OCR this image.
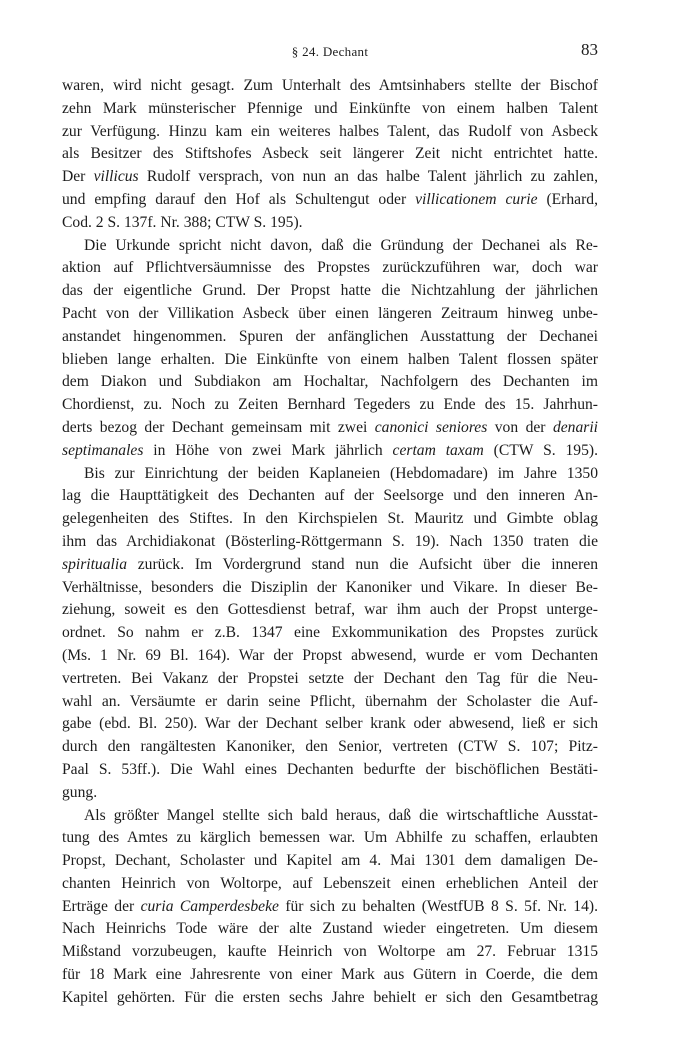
§ 24. Dechant	83
waren, wird nicht gesagt. Zum Unterhalt des Amtsinhabers stellte der Bischof
zehn Mark münsterischer Pfennige und Einkünfte von einem halben Talent
zur Verfügung. Hinzu kam ein weiteres halbes Talent, das Rudolf von Asbeck
als Besitzer des Stiftshofes Asbeck seit längerer Zeit nicht entrichtet hatte.
Der villicus Rudolf versprach, von nun an das halbe Talent jährlich zu zahlen,
und empfing darauf den Hof als Schultengut oder villicationem curie (Erhard,
Cod. 2 S. 137f. Nr. 388; CTW S. 195).
Die Urkunde spricht nicht davon, daß die Gründung der Dechanei als Re-
aktion auf Pflichtversäumnisse des Propstes zurückzuführen war, doch war
das der eigentliche Grund. Der Propst hatte die Nichtzahlung der jährlichen
Pacht von der Villikation Asbeck über einen längeren Zeitraum hinweg unbe-
anstandet hingenommen. Spuren der anfänglichen Ausstattung der Dechanei
blieben lange erhalten. Die Einkünfte von einem halben Talent flossen später
dem Diakon und Subdiakon am Hochaltar, Nachfolgern des Dechanten im
Chordienst, zu. Noch zu Zeiten Bernhard Tegeders zu Ende des 15. Jahrhun-
derts bezog der Dechant gemeinsam mit zwei canonici seniores von der denarii
septimanales in Höhe von zwei Mark jährlich certam taxam (CTW S. 195).
Bis zur Einrichtung der beiden Kaplaneien (Hebdomadare) im Jahre 1350
lag die Haupttätigkeit des Dechanten auf der Seelsorge und den inneren An-
gelegenheiten des Stiftes. In den Kirchspielen St. Mauritz und Gimbte oblag
ihm das Archidiakonat (Bösterling-Röttgermann S. 19). Nach 1350 traten die
spiritualia zurück. Im Vordergrund stand nun die Aufsicht über die inneren
Verhältnisse, besonders die Disziplin der Kanoniker und Vikare. In dieser Be-
ziehung, soweit es den Gottesdienst betraf, war ihm auch der Propst unterge-
ordnet. So nahm er z.B. 1347 eine Exkommunikation des Propstes zurück
(Ms. 1 Nr. 69 Bl. 164). War der Propst abwesend, wurde er vom Dechanten
vertreten. Bei Vakanz der Propstei setzte der Dechant den Tag für die Neu-
wahl an. Versäumte er darin seine Pflicht, übernahm der Scholaster die Auf-
gabe (ebd. Bl. 250). War der Dechant selber krank oder abwesend, ließ er sich
durch den rangältesten Kanoniker, den Senior, vertreten (CTW S. 107; Pitz-
Paal S. 53ff.). Die Wahl eines Dechanten bedurfte der bischöflichen Bestäti-
gung.
Als größter Mangel stellte sich bald heraus, daß die wirtschaftliche Ausstat-
tung des Amtes zu kärglich bemessen war. Um Abhilfe zu schaffen, erlaubten
Propst, Dechant, Scholaster und Kapitel am 4. Mai 1301 dem damaligen De-
chanten Heinrich von Woltorpe, auf Lebenszeit einen erheblichen Anteil der
Erträge der curia Camperdesbeke für sich zu behalten (WestfUB 8 S. 5f. Nr. 14).
Nach Heinrichs Tode wäre der alte Zustand wieder eingetreten. Um diesem
Mißstand vorzubeugen, kaufte Heinrich von Woltorpe am 27. Februar 1315
für 18 Mark eine Jahresrente von einer Mark aus Gütern in Coerde, die dem
Kapitel gehörten. Für die ersten sechs Jahre behielt er sich den Gesamtbetrag
